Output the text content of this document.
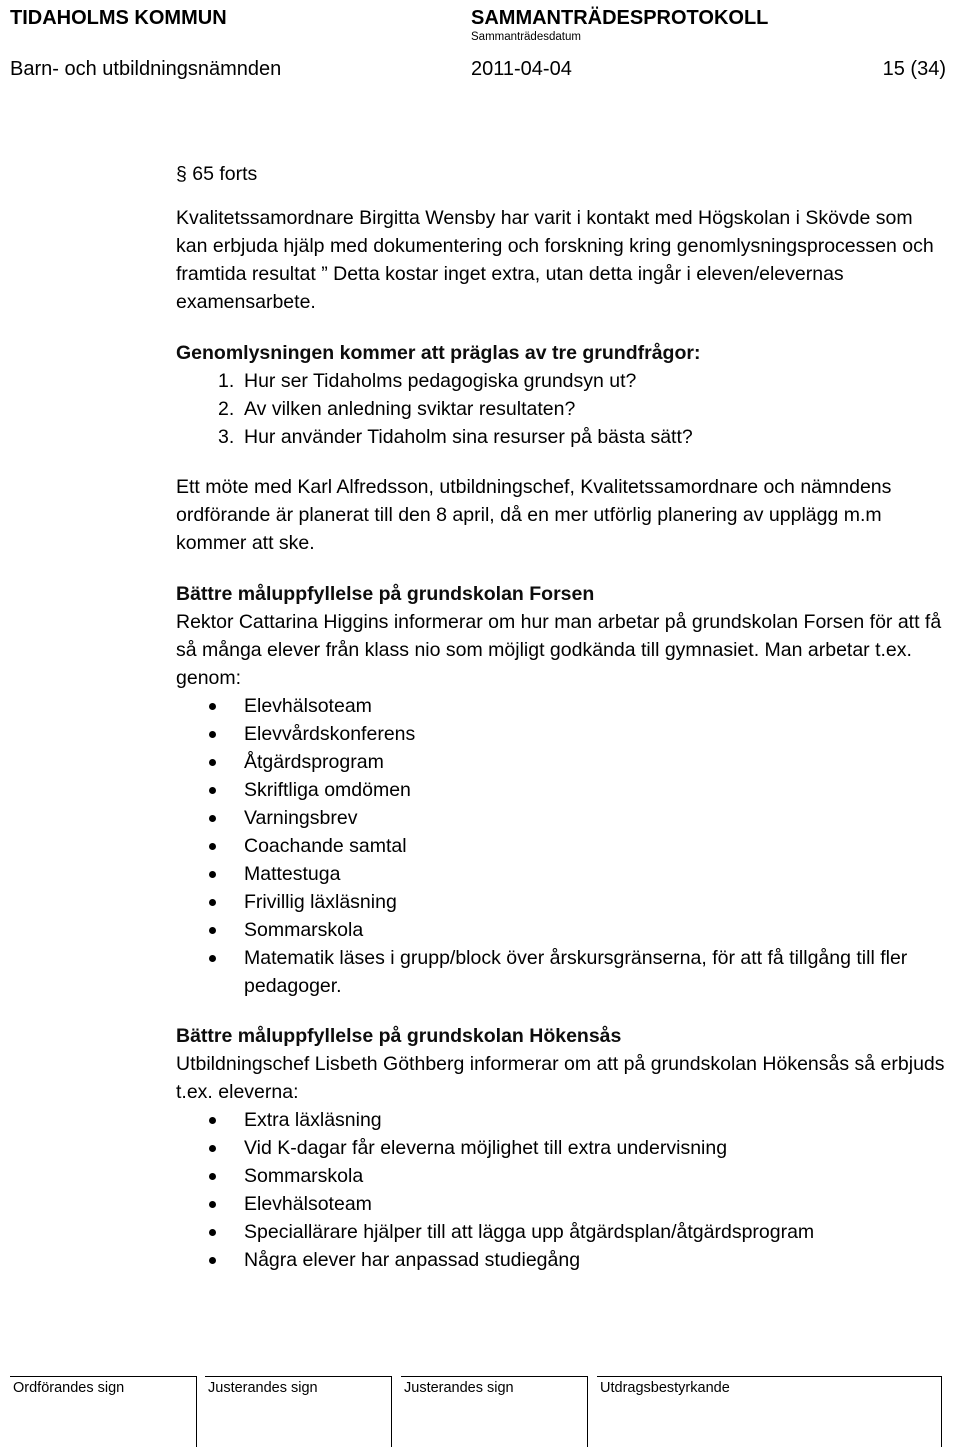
TIDAHOLMS KOMMUN	SAMMANTRÄDESPROTOKOLL
Sammanträdesdatum
Barn- och utbildningsnämnden	2011-04-04	15 (34)

§ 65 forts

Kvalitetssamordnare Birgitta Wensby har varit i kontakt med Högskolan i Skövde som kan erbjuda hjälp med dokumentering och forskning kring genomlysningsprocessen och framtida resultat ” Detta kostar inget extra, utan detta ingår i eleven/elevernas examensarbete.

Genomlysningen kommer att präglas av tre grundfrågor:

1. Hur ser Tidaholms pedagogiska grundsyn ut?
2. Av vilken anledning sviktar resultaten?
3. Hur använder Tidaholm sina resurser på bästa sätt?

Ett möte med Karl Alfredsson, utbildningschef, Kvalitetssamordnare och nämndens ordförande är planerat till den 8 april, då en mer utförlig planering av upplägg m.m kommer att ske.

Bättre måluppfyllelse på grundskolan Forsen

Rektor Cattarina Higgins informerar om hur man arbetar på grundskolan Forsen för att få så många elever från klass nio som möjligt godkända till gymnasiet. Man arbetar t.ex. genom:

Elevhälsoteam
Elevvårdskonferens
Åtgärdsprogram
Skriftliga omdömen
Varningsbrev
Coachande samtal
Mattestuga
Frivillig läxläsning
Sommarskola
Matematik läses i grupp/block över årskursgränserna, för att få tillgång till fler pedagoger.

Bättre måluppfyllelse på grundskolan Hökensås

Utbildningschef Lisbeth Göthberg informerar om att på grundskolan Hökensås så erbjuds t.ex. eleverna:

Extra läxläsning
Vid K-dagar får eleverna möjlighet till extra undervisning
Sommarskola
Elevhälsoteam
Speciallärare hjälper till att lägga upp åtgärdsplan/åtgärdsprogram
Några elever har anpassad studiegång
Ordförandes sign	Justerandes sign	Justerandes sign	Utdragsbestyrkande
